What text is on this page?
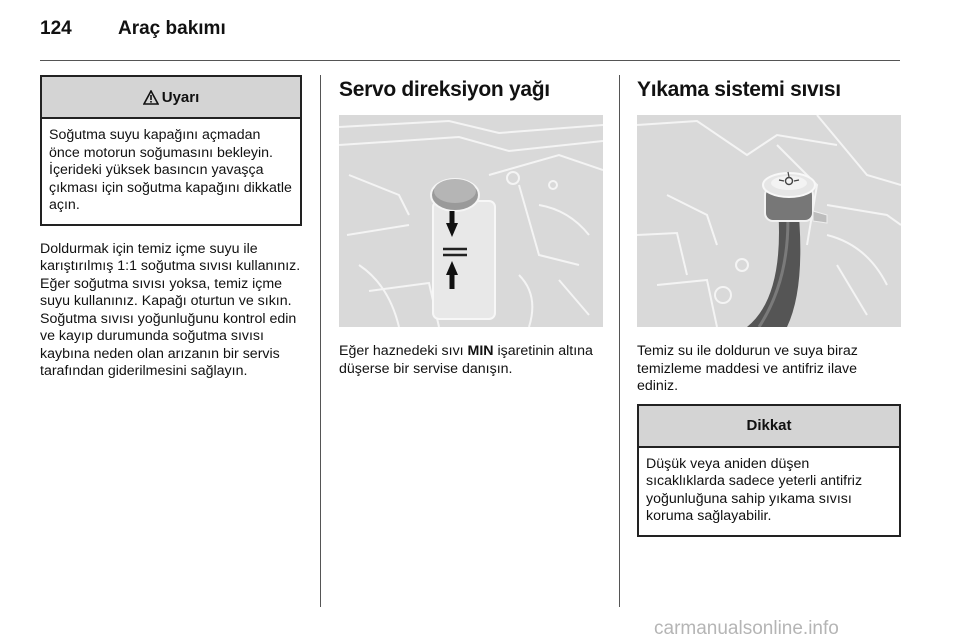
124 Araç bakımı
Uyarı
Soğutma suyu kapağını açmadan önce motorun soğumasını bekleyin. İçerideki yüksek basıncın yavaşça çıkması için soğutma kapağını dikkatle açın.
Doldurmak için temiz içme suyu ile karıştırılmış 1:1 soğutma sıvısı kullanınız. Eğer soğutma sıvısı yoksa, temiz içme suyu kullanınız. Kapağı oturtun ve sıkın. Soğutma sıvısı yoğunluğunu kontrol edin ve kayıp durumunda soğutma sıvısı kaybına neden olan arızanın bir servis tarafından giderilmesini sağlayın.
Servo direksiyon yağı
Eğer haznedeki sıvı MIN işaretinin altına düşerse bir servise danışın.
Yıkama sistemi sıvısı
Temiz su ile doldurun ve suya biraz temizleme maddesi ve antifriz ilave ediniz.
Dikkat
Düşük veya aniden düşen sıcaklıklarda sadece yeterli antifriz yoğunluğuna sahip yıkama sıvısı koruma sağlayabilir.
carmanualsonline.info
